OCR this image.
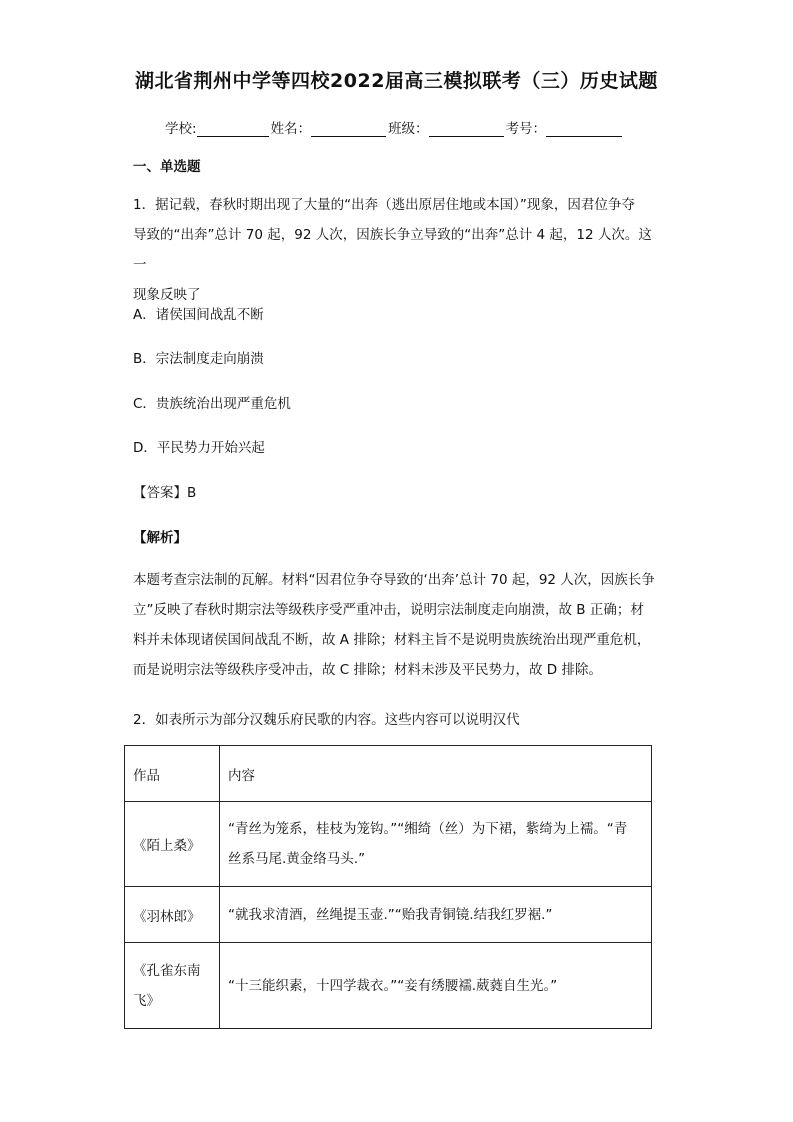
湖北省荆州中学等四校2022届高三模拟联考（三）历史试题
学校:	姓名：	班级：	考号：
一、单选题
1．据记载，春秋时期出现了大量的“出奔（逃出原居住地或本国）”现象，因君位争夺
导致的“出奔”总计 70 起，92 人次，因族长争立导致的“出奔”总计 4 起，12 人次。这一
现象反映了
A．诸侯国间战乱不断
B．宗法制度走向崩溃
C．贵族统治出现严重危机
D．平民势力开始兴起
【答案】B
【解析】
本题考查宗法制的瓦解。材料“因君位争夺导致的‘出奔’总计 70 起，92 人次，因族长争
立”反映了春秋时期宗法等级秩序受严重冲击，说明宗法制度走向崩溃，故 B 正确；材
料并未体现诸侯国间战乱不断，故 A 排除；材料主旨不是说明贵族统治出现严重危机，
而是说明宗法等级秩序受冲击，故 C 排除；材料未涉及平民势力，故 D 排除。
2．如表所示为部分汉魏乐府民歌的内容。这些内容可以说明汉代
作品	内容

《陌上桑》	“青丝为笼系，桂枝为笼钩。”“缃绮（丝）为下裙，紫绮为上襦。“青
丝系马尾.黄金络马头.”

《羽林郎》	“就我求清酒，丝绳提玉壶.”“贻我青铜镜.结我红罗裾.”

《孔雀东南
飞》	“十三能织素，十四学裁衣。”“妾有绣腰襦.葳蕤自生光。”
